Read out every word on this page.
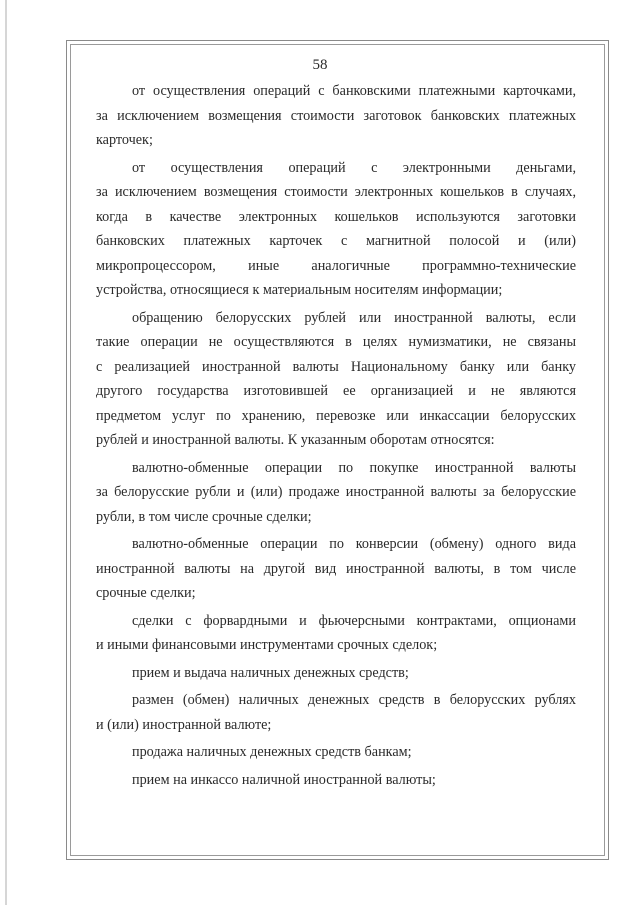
58
от осуществления операций с банковскими платежными карточками,
за исключением возмещения стоимости заготовок банковских платежных
карточек;
от осуществления операций с электронными деньгами,
за исключением возмещения стоимости электронных кошельков в случаях,
когда в качестве электронных кошельков используются заготовки
банковских платежных карточек с магнитной полосой и (или)
микропроцессором, иные аналогичные программно-технические
устройства, относящиеся к материальным носителям информации;
обращению белорусских рублей или иностранной валюты, если
такие операции не осуществляются в целях нумизматики, не связаны
с реализацией иностранной валюты Национальному банку или банку
другого государства изготовившей ее организацией и не являются
предметом услуг по хранению, перевозке или инкассации белорусских
рублей и иностранной валюты. К указанным оборотам относятся:
валютно-обменные операции по покупке иностранной валюты
за белорусские рубли и (или) продаже иностранной валюты за белорусские
рубли, в том числе срочные сделки;
валютно-обменные операции по конверсии (обмену) одного вида
иностранной валюты на другой вид иностранной валюты, в том числе
срочные сделки;
сделки с форвардными и фьючерсными контрактами, опционами
и иными финансовыми инструментами срочных сделок;
прием и выдача наличных денежных средств;
размен (обмен) наличных денежных средств в белорусских рублях
и (или) иностранной валюте;
продажа наличных денежных средств банкам;
прием на инкассо наличной иностранной валюты;
